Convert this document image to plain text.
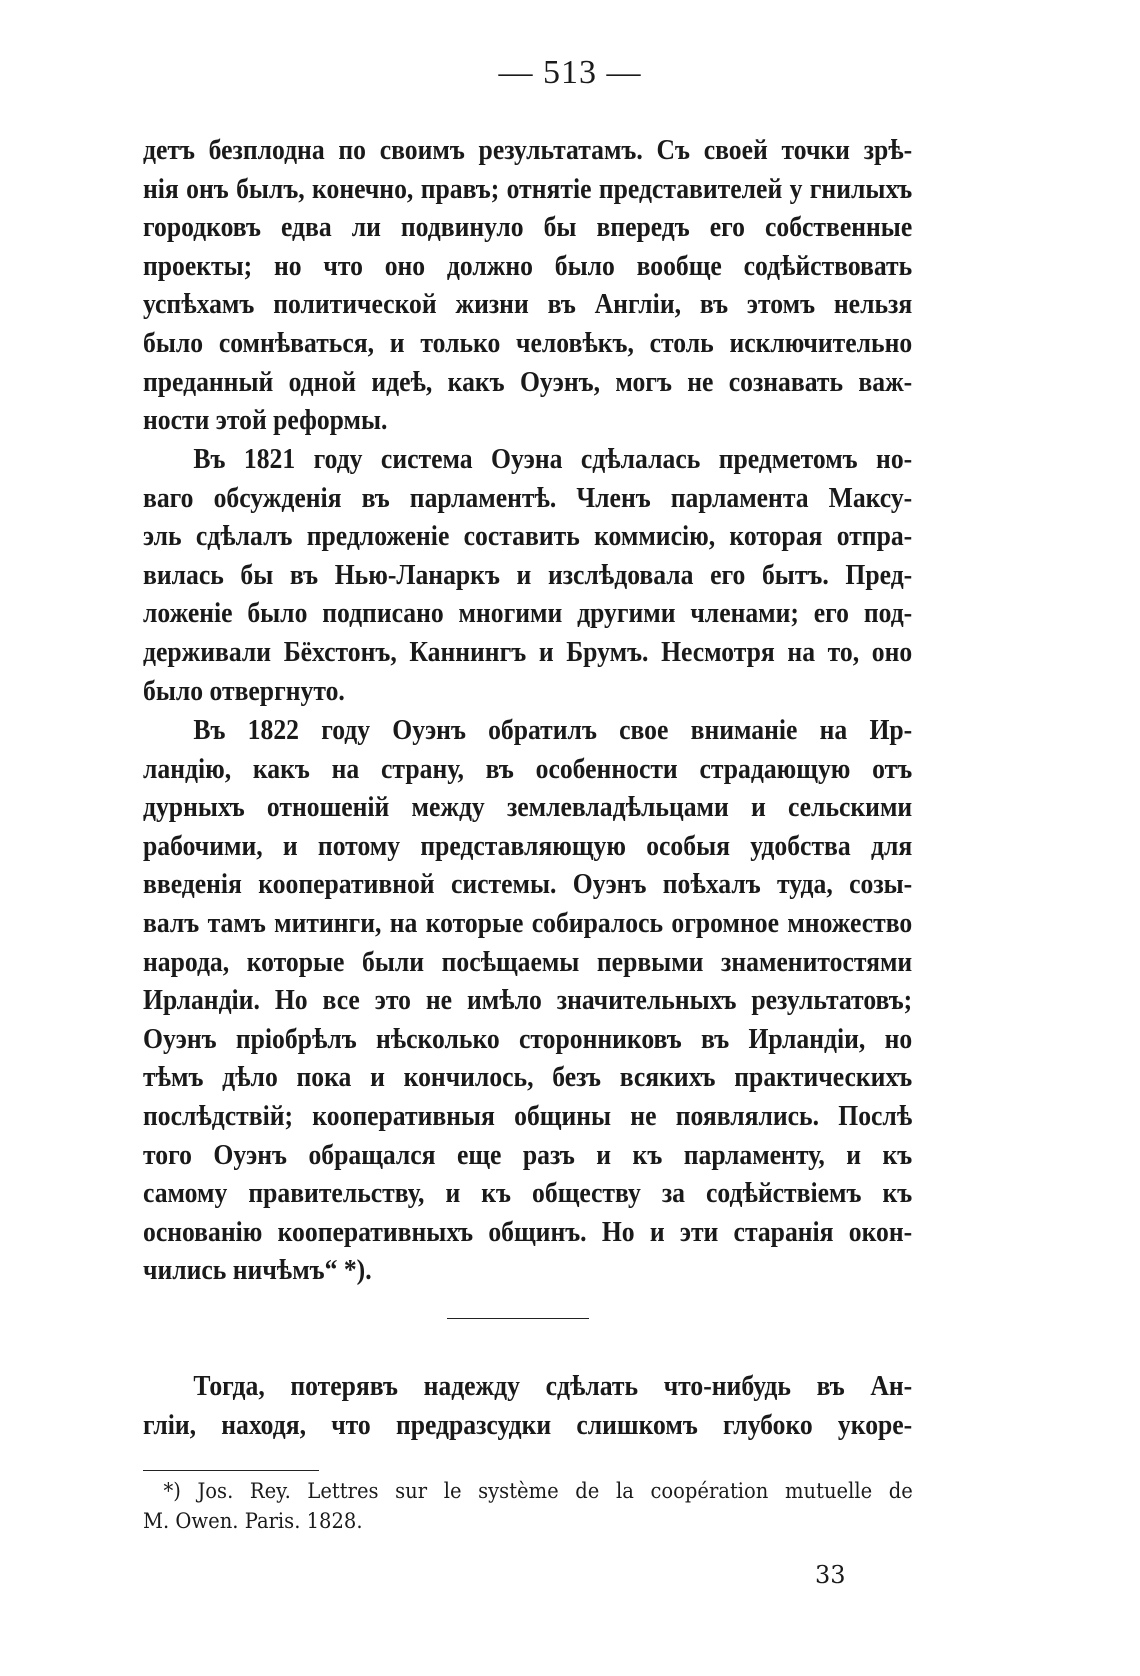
— 513 —
детъ безплодна по своимъ результатамъ. Съ своей точки зрѣ-
нія онъ былъ, конечно, правъ; отнятіе представителей у гнилыхъ
городковъ едва ли подвинуло бы впередъ его собственные
проекты; но что оно должно было вообще содѣйствовать
успѣхамъ политической жизни въ Англіи, въ этомъ нельзя
было сомнѣваться, и только человѣкъ, столь исключительно
преданный одной идеѣ, какъ Оуэнъ, могъ не сознавать важ-
ности этой реформы.
Въ 1821 году система Оуэна сдѣлалась предметомъ но-
ваго обсужденія въ парламентѣ. Членъ парламента Максу-
эль сдѣлалъ предложеніе составить коммисію, которая отпра-
вилась бы въ Нью-Ланаркъ и изслѣдовала его бытъ. Пред-
ложеніе было подписано многими другими членами; его под-
держивали Бёхстонъ, Каннингъ и Брумъ. Несмотря на то, оно
было отвергнуто.
Въ 1822 году Оуэнъ обратилъ свое вниманіе на Ир-
ландію, какъ на страну, въ особенности страдающую отъ
дурныхъ отношеній между землевладѣльцами и сельскими
рабочими, и потому представляющую особыя удобства для
введенія кооперативной системы. Оуэнъ поѣхалъ туда, созы-
валъ тамъ митинги, на которые собиралось огромное множество
народа, которые были посѣщаемы первыми знаменитостями
Ирландіи. Но все это не имѣло значительныхъ результатовъ;
Оуэнъ пріобрѣлъ нѣсколько сторонниковъ въ Ирландіи, но
тѣмъ дѣло пока и кончилось, безъ всякихъ практическихъ
послѣдствій; кооперативныя общины не появлялись. Послѣ
того Оуэнъ обращался еще разъ и къ парламенту, и къ
самому правительству, и къ обществу за содѣйствіемъ къ
основанію кооперативныхъ общинъ. Но и эти старанія окон-
чились ничѣмъ“ *).
Тогда, потерявъ надежду сдѣлать что-нибудь въ Ан-
гліи, находя, что предразсудки слишкомъ глубоко укоре-
*) Jos. Rey. Lettres sur le système de la coopération mutuelle de
M. Owen. Paris. 1828.
33
